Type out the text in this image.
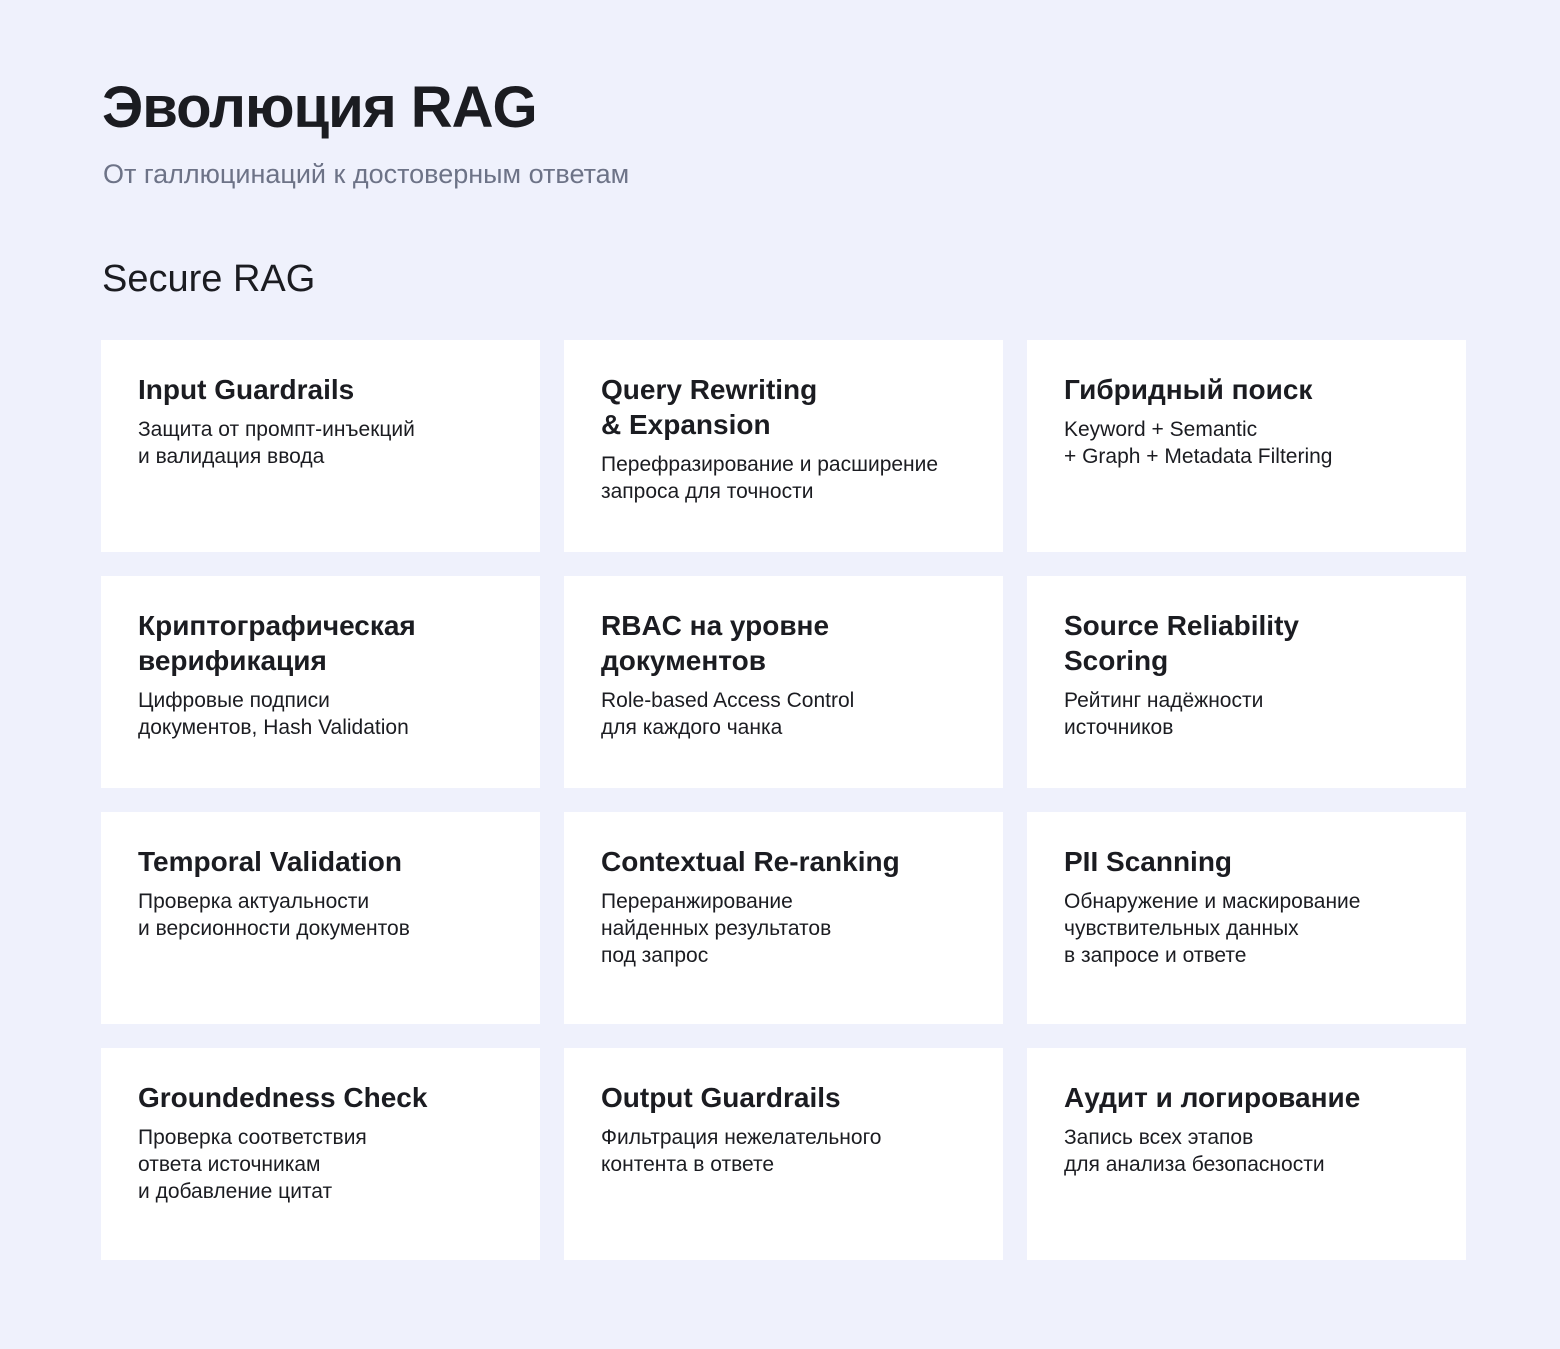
Эволюция RAG

От галлюцинаций к достоверным ответам

Secure RAG
Input Guardrails

Защита от промпт-инъекций
и валидация ввода

Query Rewriting
& Expansion

Перефразирование и расширение
запроса для точности

Гибридный поиск

Keyword + Semantic
+ Graph + Metadata Filtering

Криптографическая
верификация

Цифровые подписи
документов, Hash Validation

RBAC на уровне
документов

Role-based Access Control
для каждого чанка

Source Reliability
Scoring

Рейтинг надёжности
источников

Temporal Validation

Проверка актуальности
и версионности документов

Contextual Re-ranking

Переранжирование
найденных результатов
под запрос

PII Scanning

Обнаружение и маскирование
чувствительных данных
в запросе и ответе

Groundedness Check

Проверка соответствия
ответа источникам
и добавление цитат

Output Guardrails

Фильтрация нежелательного
контента в ответе

Аудит и логирование

Запись всех этапов
для анализа безопасности
